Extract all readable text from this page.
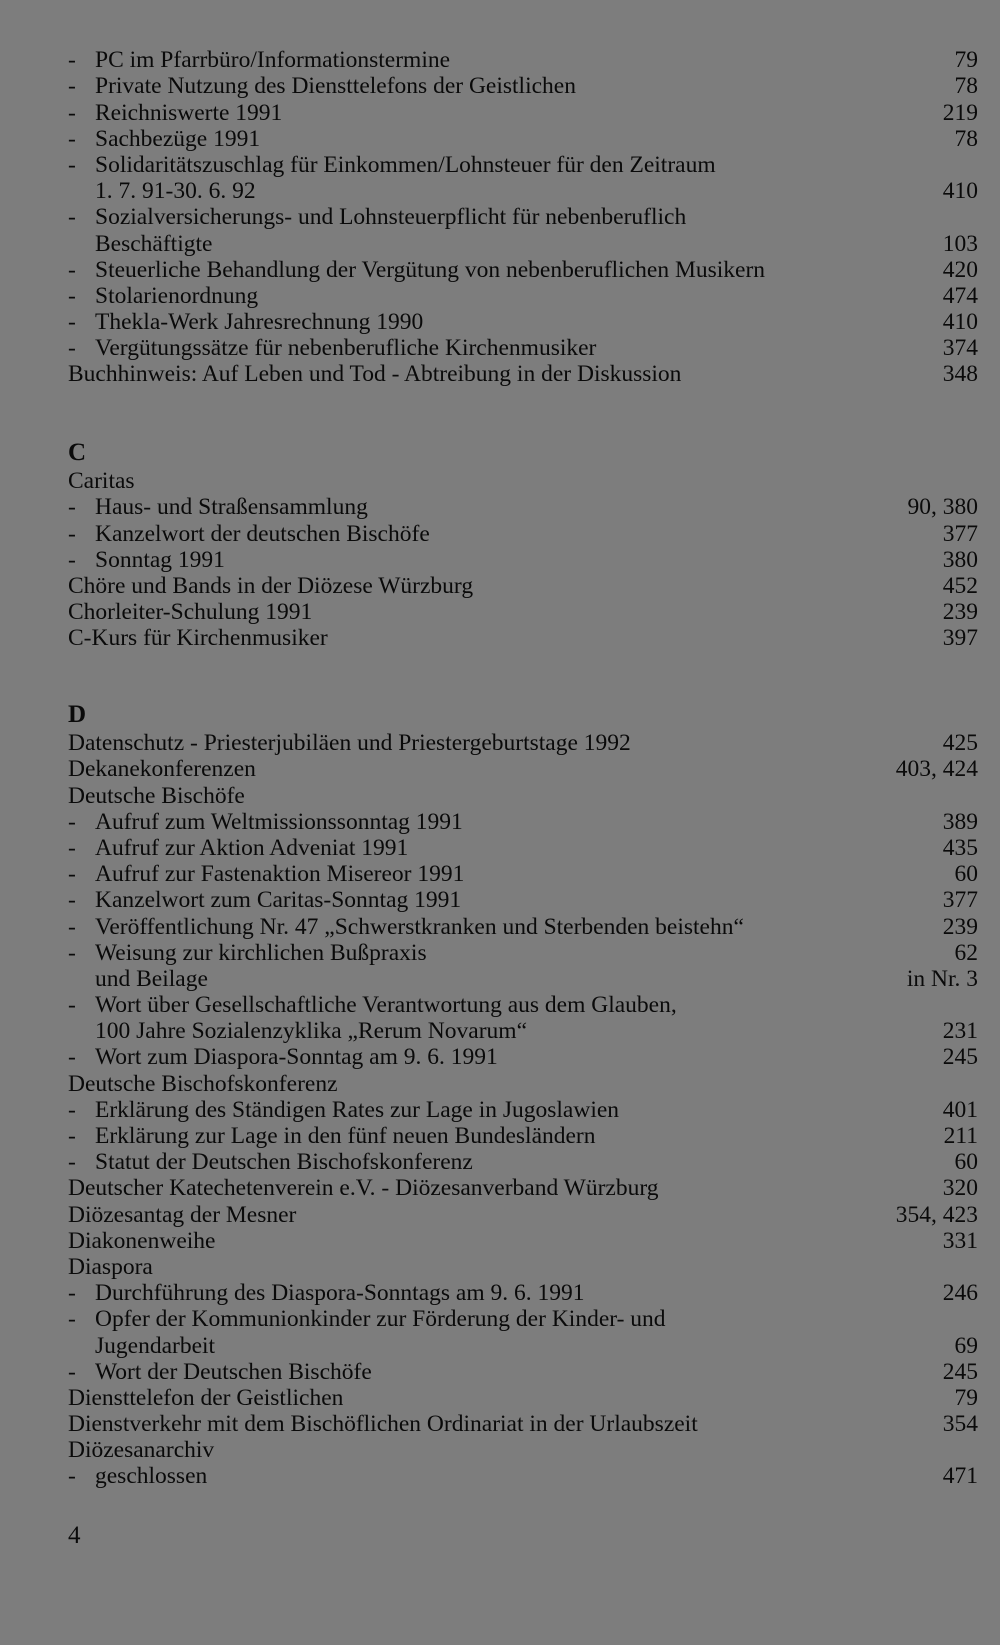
- PC im Pfarrbüro/Informationstermine	79
- Private Nutzung des Diensttelefons der Geistlichen	78
- Reichniswerte 1991	219
- Sachbezüge 1991	78
- Solidaritätszuschlag für Einkommen/Lohnsteuer für den Zeitraum
1. 7. 91-30. 6. 92	410
- Sozialversicherungs- und Lohnsteuerpflicht für nebenberuflich
Beschäftigte	103
- Steuerliche Behandlung der Vergütung von nebenberuflichen Musikern	420
- Stolarienordnung	474
- Thekla-Werk Jahresrechnung 1990	410
- Vergütungssätze für nebenberufliche Kirchenmusiker	374
Buchhinweis: Auf Leben und Tod - Abtreibung in der Diskussion	348
C
Caritas
- Haus- und Straßensammlung	90, 380
- Kanzelwort der deutschen Bischöfe	377
- Sonntag 1991	380
Chöre und Bands in der Diözese Würzburg	452
Chorleiter-Schulung 1991	239
C-Kurs für Kirchenmusiker	397
D
Datenschutz - Priesterjubiläen und Priestergeburtstage 1992	425
Dekanekonferenzen	403, 424
Deutsche Bischöfe
- Aufruf zum Weltmissionssonntag 1991	389
- Aufruf zur Aktion Adveniat 1991	435
- Aufruf zur Fastenaktion Misereor 1991	60
- Kanzelwort zum Caritas-Sonntag 1991	377
- Veröffentlichung Nr. 47 „Schwerstkranken und Sterbenden beistehn“	239
- Weisung zur kirchlichen Bußpraxis	62
und Beilage	in Nr. 3
- Wort über Gesellschaftliche Verantwortung aus dem Glauben,
100 Jahre Sozialenzyklika „Rerum Novarum“	231
- Wort zum Diaspora-Sonntag am 9. 6. 1991	245
Deutsche Bischofskonferenz
- Erklärung des Ständigen Rates zur Lage in Jugoslawien	401
- Erklärung zur Lage in den fünf neuen Bundesländern	211
- Statut der Deutschen Bischofskonferenz	60
Deutscher Katechetenverein e.V. - Diözesanverband Würzburg	320
Diözesantag der Mesner	354, 423
Diakonenweihe	331
Diaspora
- Durchführung des Diaspora-Sonntags am 9. 6. 1991	246
- Opfer der Kommunionkinder zur Förderung der Kinder- und
Jugendarbeit	69
- Wort der Deutschen Bischöfe	245
Diensttelefon der Geistlichen	79
Dienstverkehr mit dem Bischöflichen Ordinariat in der Urlaubszeit	354
Diözesanarchiv
- geschlossen	471
4
